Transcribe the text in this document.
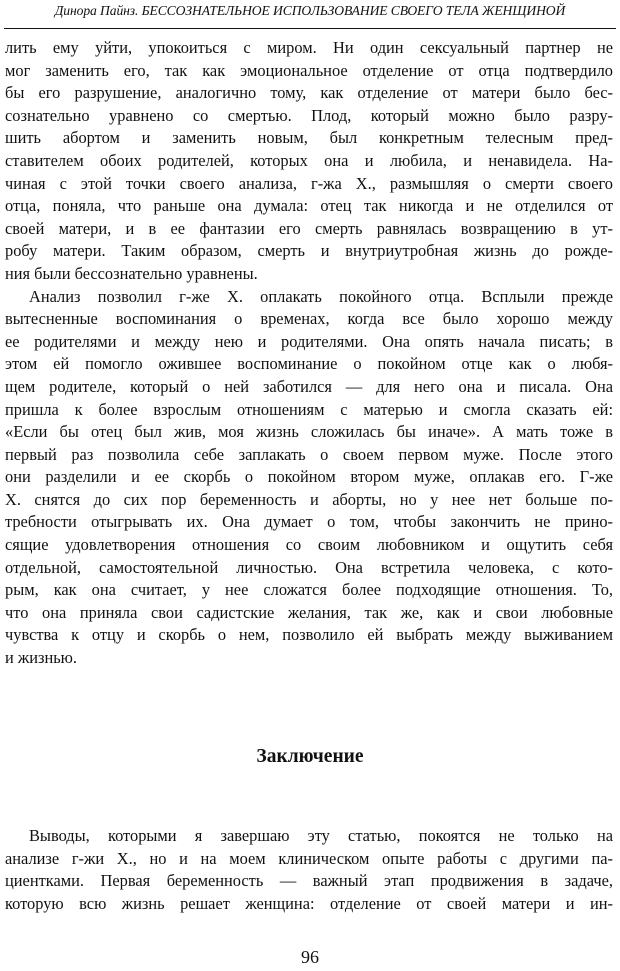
Динора Пайнз. БЕССОЗНАТЕЛЬНОЕ ИСПОЛЬЗОВАНИЕ СВОЕГО ТЕЛА ЖЕНЩИНОЙ
лить ему уйти, упокоиться с миром. Ни один сексуальный партнер не
мог заменить его, так как эмоциональное отделение от отца подтвердило
бы его разрушение, аналогично тому, как отделение от матери было бес-
сознательно уравнено со смертью. Плод, который можно было разру-
шить абортом и заменить новым, был конкретным телесным пред-
ставителем обоих родителей, которых она и любила, и ненавидела. На-
чиная с этой точки своего анализа, г-жа X., размышляя о смерти своего
отца, поняла, что раньше она думала: отец так никогда и не отделился от
своей матери, и в ее фантазии его смерть равнялась возвращению в ут-
робу матери. Таким образом, смерть и внутриутробная жизнь до рожде-
ния были бессознательно уравнены.
Анализ позволил г-же X. оплакать покойного отца. Всплыли прежде
вытесненные воспоминания о временах, когда все было хорошо между
ее родителями и между нею и родителями. Она опять начала писать; в
этом ей помогло ожившее воспоминание о покойном отце как о любя-
щем родителе, который о ней заботился — для него она и писала. Она
пришла к более взрослым отношениям с матерью и смогла сказать ей:
«Если бы отец был жив, моя жизнь сложилась бы иначе». А мать тоже в
первый раз позволила себе заплакать о своем первом муже. После этого
они разделили и ее скорбь о покойном втором муже, оплакав его. Г-же
X. снятся до сих пор беременность и аборты, но у нее нет больше по-
требности отыгрывать их. Она думает о том, чтобы закончить не прино-
сящие удовлетворения отношения со своим любовником и ощутить себя
отдельной, самостоятельной личностью. Она встретила человека, с кото-
рым, как она считает, у нее сложатся более подходящие отношения. То,
что она приняла свои садистские желания, так же, как и свои любовные
чувства к отцу и скорбь о нем, позволило ей выбрать между выживанием
и жизнью.
Заключение
Выводы, которыми я завершаю эту статью, покоятся не только на
анализе г-жи X., но и на моем клиническом опыте работы с другими па-
циентками. Первая беременность — важный этап продвижения в задаче,
которую всю жизнь решает женщина: отделение от своей матери и ин-
96
